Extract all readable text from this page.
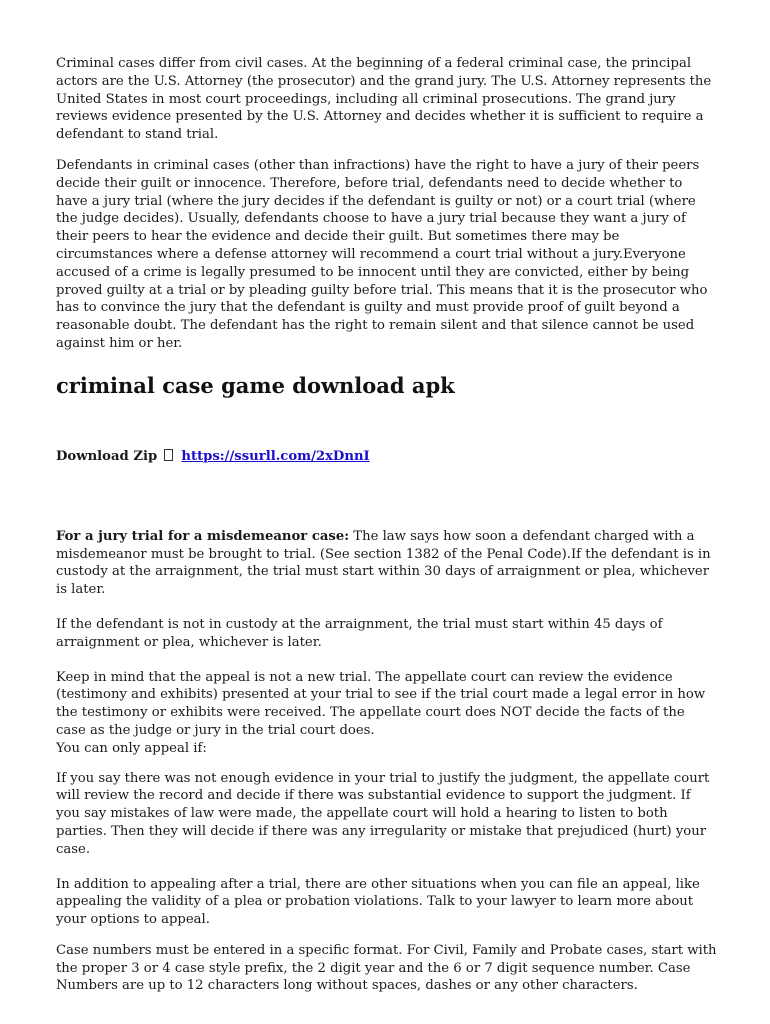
Criminal cases differ from civil cases. At the beginning of a federal criminal case, the principal actors are the U.S. Attorney (the prosecutor) and the grand jury. The U.S. Attorney represents the United States in most court proceedings, including all criminal prosecutions. The grand jury reviews evidence presented by the U.S. Attorney and decides whether it is sufficient to require a defendant to stand trial.

Defendants in criminal cases (other than infractions) have the right to have a jury of their peers decide their guilt or innocence. Therefore, before trial, defendants need to decide whether to have a jury trial (where the jury decides if the defendant is guilty or not) or a court trial (where the judge decides). Usually, defendants choose to have a jury trial because they want a jury of their peers to hear the evidence and decide their guilt. But sometimes there may be circumstances where a defense attorney will recommend a court trial without a jury.Everyone accused of a crime is legally presumed to be innocent until they are convicted, either by being proved guilty at a trial or by pleading guilty before trial. This means that it is the prosecutor who has to convince the jury that the defendant is guilty and must provide proof of guilt beyond a reasonable doubt. The defendant has the right to remain silent and that silence cannot be used against him or her.

criminal case game download apk
Download Zip https://ssurll.com/2xDnnI

For a jury trial for a misdemeanor case: The law says how soon a defendant charged with a misdemeanor must be brought to trial. (See section 1382 of the Penal Code).If the defendant is in custody at the arraignment, the trial must start within 30 days of arraignment or plea, whichever is later.

If the defendant is not in custody at the arraignment, the trial must start within 45 days of arraignment or plea, whichever is later.

Keep in mind that the appeal is not a new trial. The appellate court can review the evidence (testimony and exhibits) presented at your trial to see if the trial court made a legal error in how the testimony or exhibits were received. The appellate court does NOT decide the facts of the case as the judge or jury in the trial court does.

You can only appeal if:

If you say there was not enough evidence in your trial to justify the judgment, the appellate court will review the record and decide if there was substantial evidence to support the judgment. If you say mistakes of law were made, the appellate court will hold a hearing to listen to both parties. Then they will decide if there was any irregularity or mistake that prejudiced (hurt) your case.

In addition to appealing after a trial, there are other situations when you can file an appeal, like appealing the validity of a plea or probation violations. Talk to your lawyer to learn more about your options to appeal.

Case numbers must be entered in a specific format. For Civil, Family and Probate cases, start with the proper 3 or 4 case style prefix, the 2 digit year and the 6 or 7 digit sequence number. Case Numbers are up to 12 characters long without spaces, dashes or any other characters.
